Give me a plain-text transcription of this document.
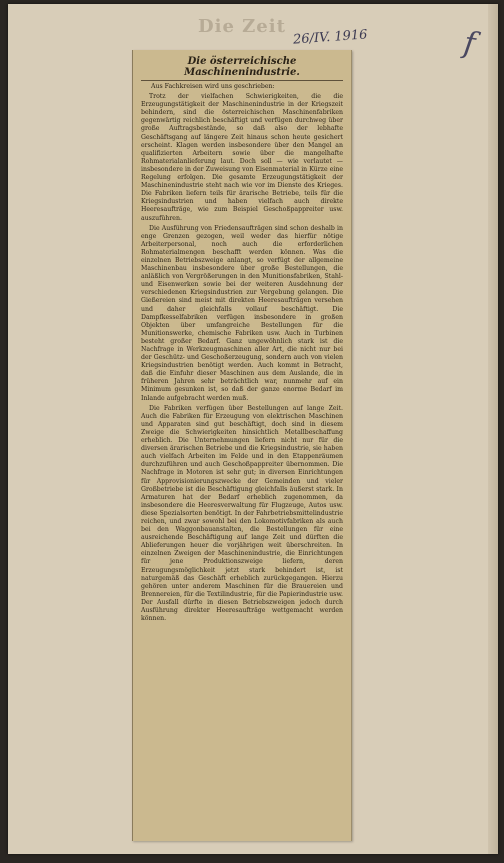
Die Zeit
26/IV. 1916	f
Die österreichische Maschinenindustrie.

Aus Fachkreisen wird uns geschrieben:

Trotz der vielfachen Schwierigkeiten, die die Erzeugungstätigkeit der Maschinenindustrie in der Kriegszeit behindern, sind die österreichischen Maschinenfabriken gegenwärtig reichlich beschäftigt und verfügen durchweg über große Auftragsbestände, so daß also der lebhafte Geschäftsgang auf längere Zeit hinaus schon heute gesichert erscheint. Klagen werden insbesondere über den Mangel an qualifizierten Arbeitern sowie über die mangelhafte Rohmaterialanlieferung laut. Doch soll — wie verlautet — insbesondere in der Zuweisung von Eisenmaterial in Kürze eine Regelung erfolgen. Die gesamte Erzeugungstätigkeit der Maschinenindustrie steht nach wie vor im Dienste des Krieges. Die Fabriken liefern teils für ärarische Betriebe, teils für die Kriegsindustrien und haben vielfach auch direkte Heeresaufträge, wie zum Beispiel Geschoßpappreiter usw. auszuführen.

Die Ausführung von Friedensaufträgen sind schon deshalb in enge Grenzen gezogen, weil weder das hierfür nötige Arbeiterpersonal, noch auch die erforderlichen Rohmaterialmengen beschafft werden können. Was die einzelnen Betriebszweige anlangt, so verfügt der allgemeine Maschinenbau insbesondere über große Bestellungen, die anläßlich von Vergrößerungen in den Munitionsfabriken, Stahl- und Eisenwerken sowie bei der weiteren Ausdehnung der verschiedenen Kriegsindustrien zur Vergebung gelangen. Die Gießereien sind meist mit direkten Heeresaufträgen versehen und daher gleichfalls vollauf beschäftigt. Die Dampfkesselfabriken verfügen insbesondere in großen Objekten über umfangreiche Bestellungen für die Munitionswerke, chemische Fabriken usw. Auch in Turbinen besteht großer Bedarf. Ganz ungewöhnlich stark ist die Nachfrage in Werkzeugmaschinen aller Art, die nicht nur bei der Geschütz- und Geschoßerzeugung, sondern auch von vielen Kriegsindustrien benötigt werden. Auch kommt in Betracht, daß die Einfuhr dieser Maschinen aus dem Auslande, die in früheren Jahren sehr beträchtlich war, nunmehr auf ein Minimum gesunken ist, so daß der ganze enorme Bedarf im Inlande aufgebracht werden muß.

Die Fabriken verfügen über Bestellungen auf lange Zeit. Auch die Fabriken für Erzeugung von elektrischen Maschinen und Apparaten sind gut beschäftigt, doch sind in diesem Zweige die Schwierigkeiten hinsichtlich Metallbeschaffung erheblich. Die Unternehmungen liefern nicht nur für die diversen ärarischen Betriebe und die Kriegsindustrie, sie haben auch vielfach Arbeiten im Felde und in den Etappenräumen durchzuführen und auch Geschoßpappreiter übernommen. Die Nachfrage in Motoren ist sehr gut; in diversen Einrichtungen für Approvisionierungszwecke der Gemeinden und vieler Großbetriebe ist die Beschäftigung gleichfalls äußerst stark. In Armaturen hat der Bedarf erheblich zugenommen, da insbesondere die Heeresverwaltung für Flugzeuge, Autos usw. diese Spezialsorten benötigt. In der Fahrbetriebsmittelindustrie reichen, und zwar sowohl bei den Lokomotivfabriken als auch bei den Waggonbauanstalten, die Bestellungen für eine ausreichende Beschäftigung auf lange Zeit und dürften die Ablieferungen heuer die vorjährigen weit überschreiten. In einzelnen Zweigen der Maschinenindustrie, die Einrichtungen für jene Produktionszweige liefern, deren Erzeugungsmöglichkeit jetzt stark behindert ist, ist naturgemäß das Geschäft erheblich zurückgegangen. Hierzu gehören unter anderem Maschinen für die Brauereien und Brennereien, für die Textilindustrie, für die Papierindustrie usw. Der Ausfall dürfte in diesen Betriebszweigen jedoch durch Ausführung direkter Heeresaufträge wettgemacht werden können.
